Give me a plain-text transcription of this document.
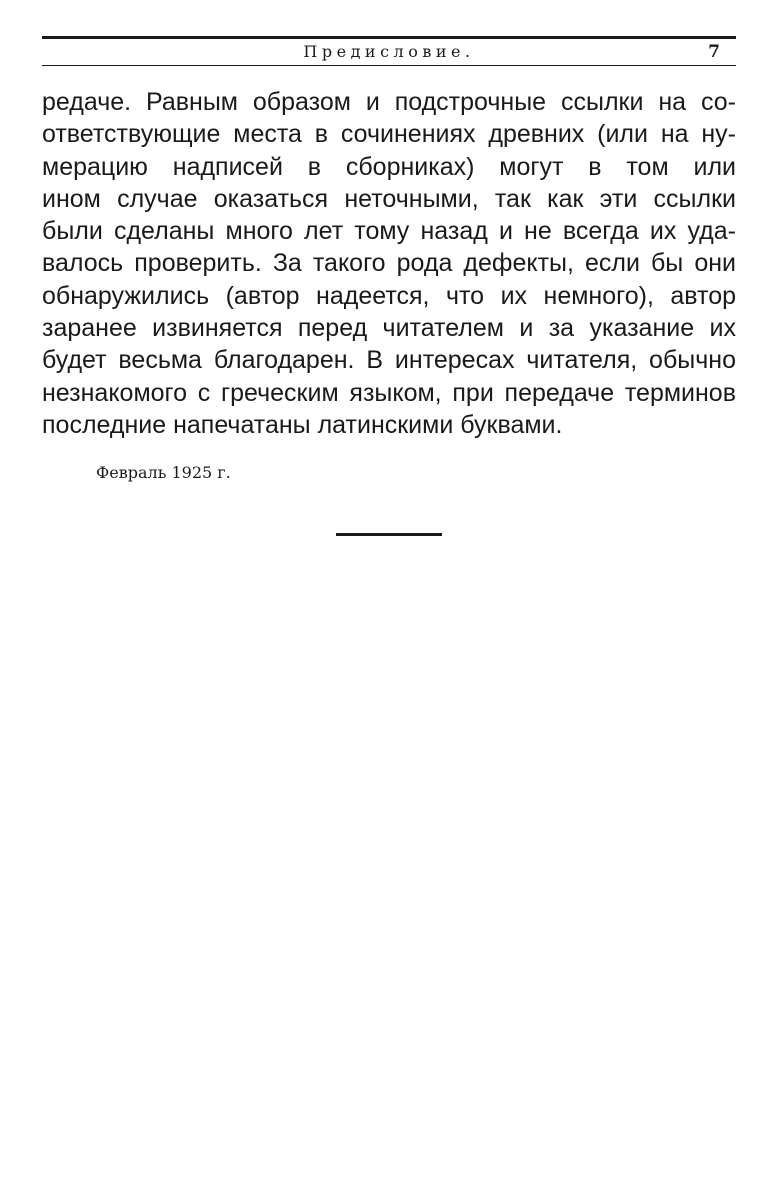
Предисловие.	7
редаче. Равным образом и подстрочные ссылки на со-
ответствующие места в сочинениях древних (или на ну-
мерацию надписей в сборниках) могут в том или
ином случае оказаться неточными, так как эти ссылки
были сделаны много лет тому назад и не всегда их уда-
валось проверить. За такого рода дефекты, если бы они
обнаружились (автор надеется, что их немного), автор
заранее извиняется перед читателем и за указание их
будет весьма благодарен. В интересах читателя, обычно
незнакомого с греческим языком, при передаче терминов
последние напечатаны латинскими буквами.
Февраль 1925 г.
